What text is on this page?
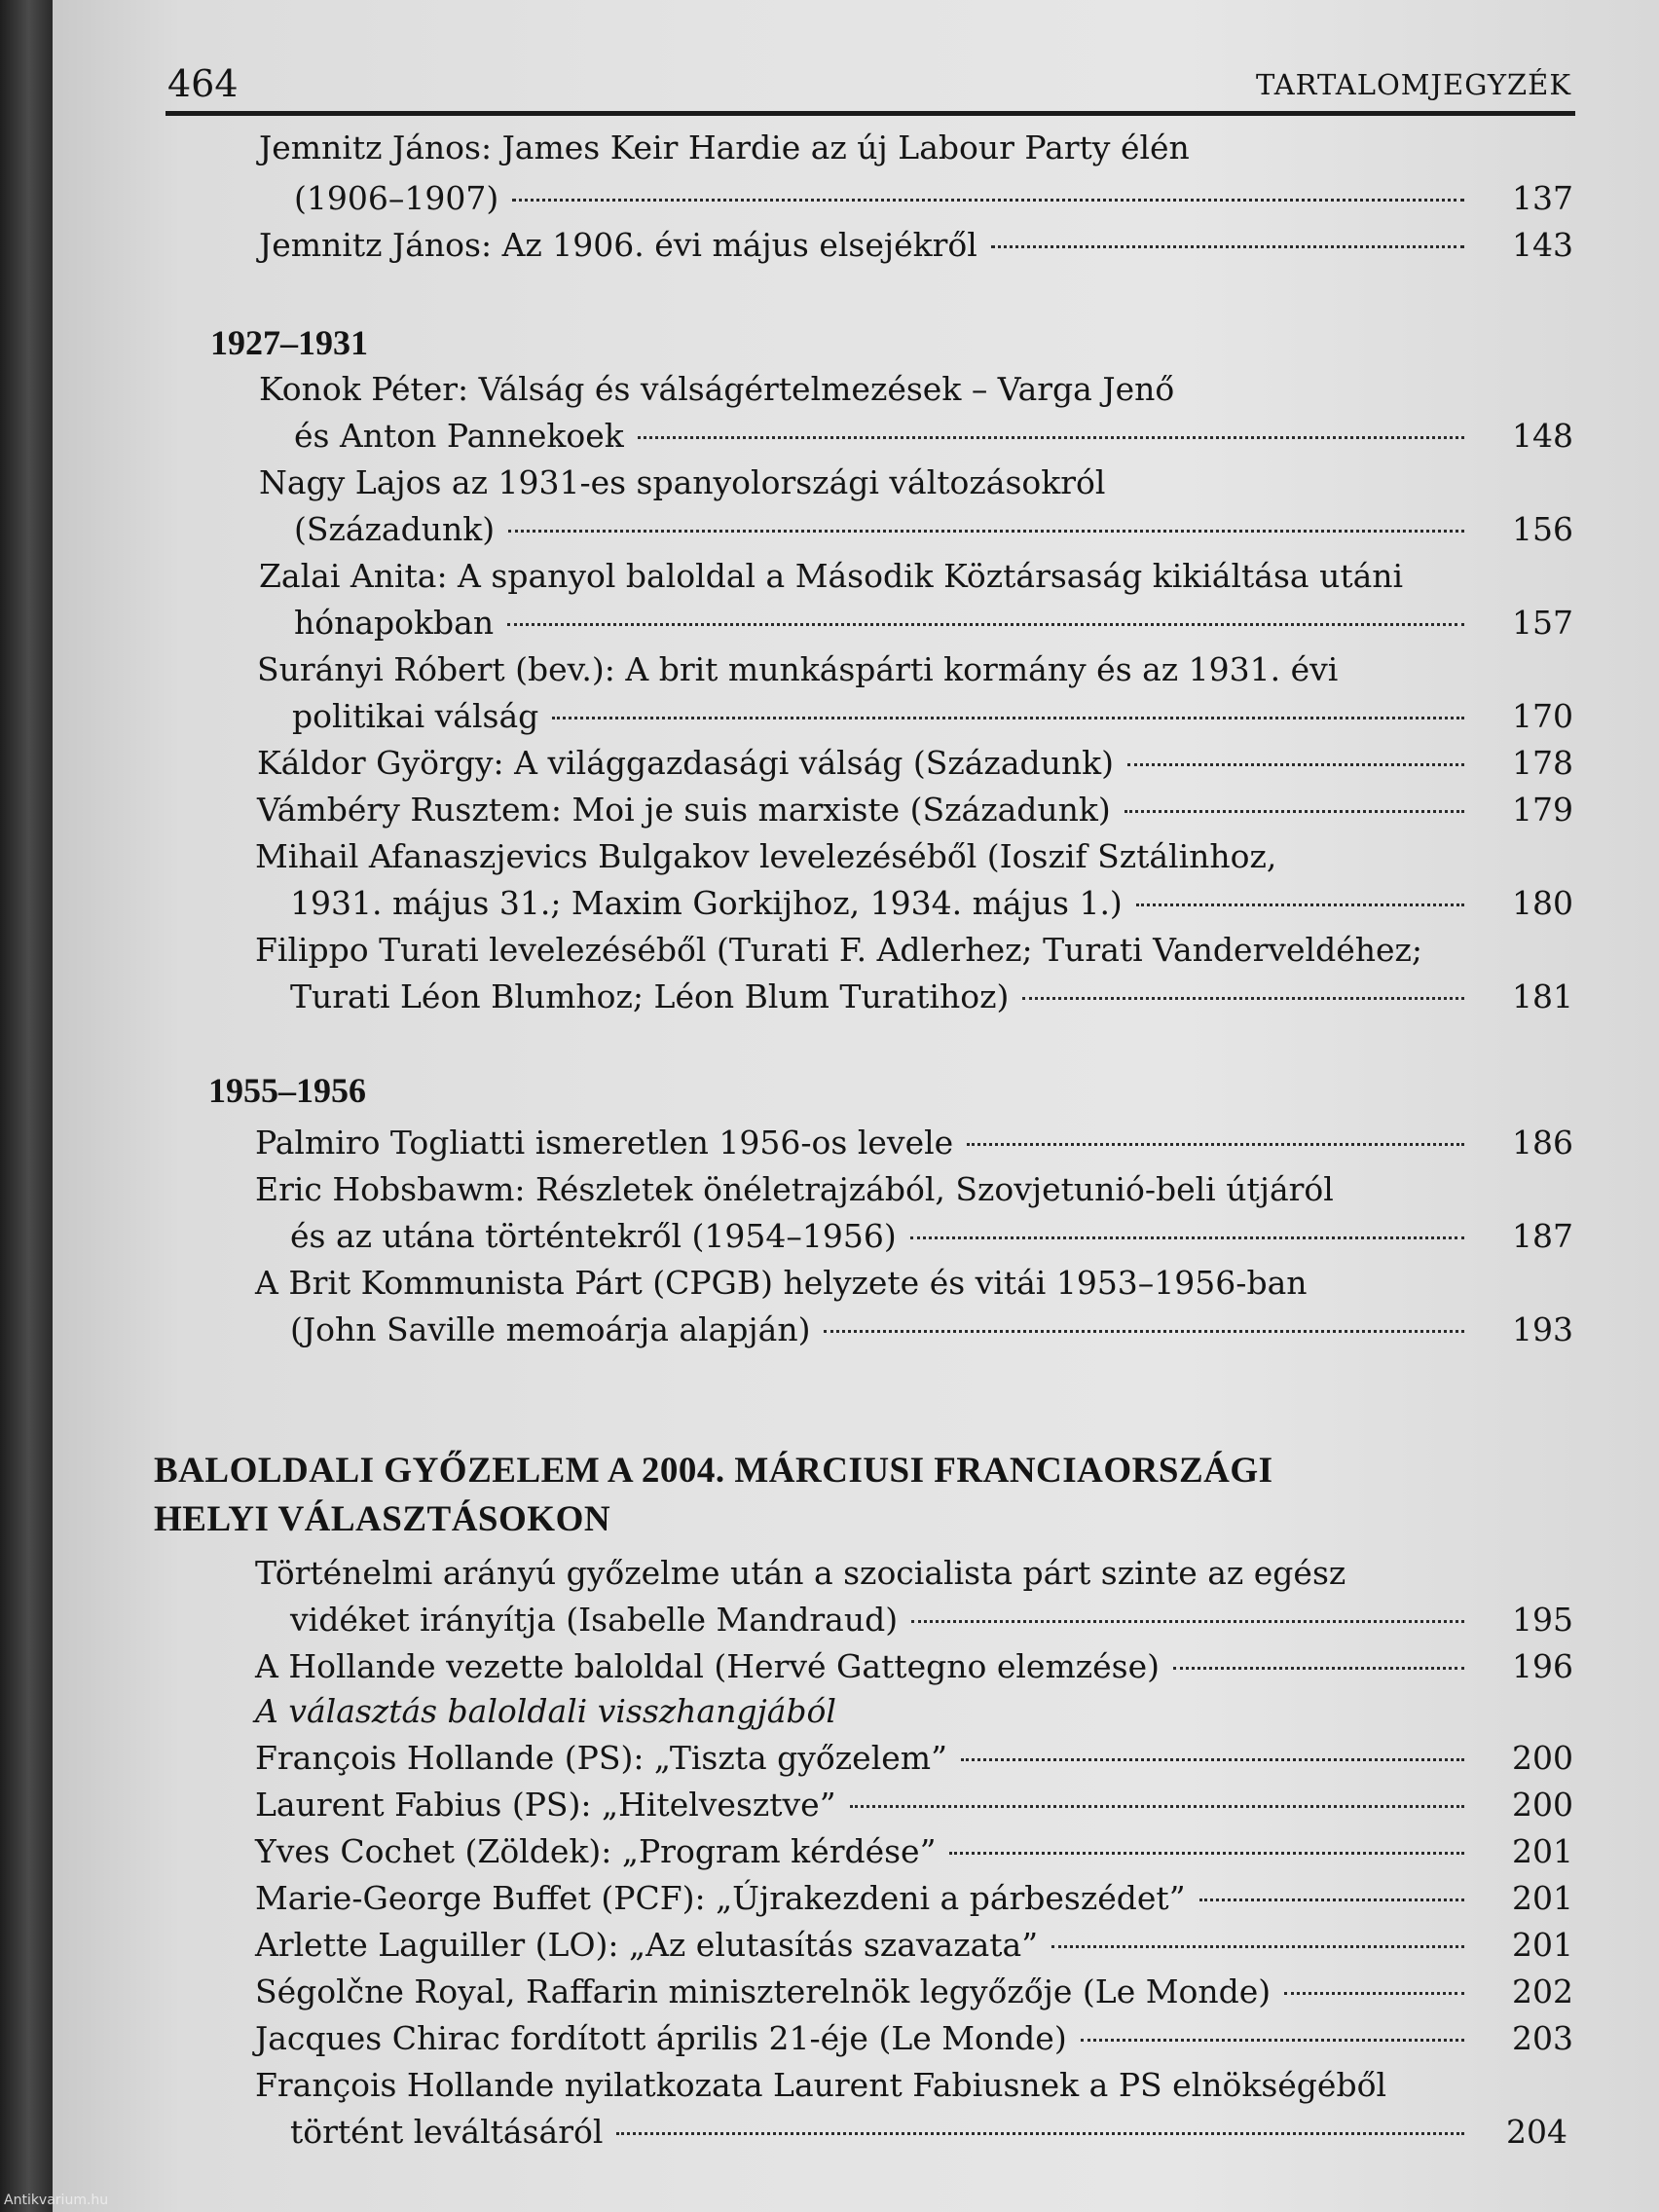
464	TARTALOMJEGYZÉK
Jemnitz János: James Keir Hardie az új Labour Party élén
(1906–1907)	137
Jemnitz János: Az 1906. évi május elsejékről	143
1927–1931
Konok Péter: Válság és válságértelmezések – Varga Jenő
és Anton Pannekoek	148
Nagy Lajos az 1931-es spanyolországi változásokról
(Századunk)	156
Zalai Anita: A spanyol baloldal a Második Köztársaság kikiáltása utáni
hónapokban	157
Surányi Róbert (bev.): A brit munkáspárti kormány és az 1931. évi
politikai válság	170
Káldor György: A világgazdasági válság (Századunk)	178
Vámbéry Rusztem: Moi je suis marxiste (Századunk)	179
Mihail Afanaszjevics Bulgakov levelezéséből (Ioszif Sztálinhoz,
1931. május 31.; Maxim Gorkijhoz, 1934. május 1.)	180
Filippo Turati levelezéséből (Turati F. Adlerhez; Turati Vanderveldéhez;
Turati Léon Blumhoz; Léon Blum Turatihoz)	181
1955–1956
Palmiro Togliatti ismeretlen 1956-os levele	186
Eric Hobsbawm: Részletek önéletrajzából, Szovjetunió-beli útjáról
és az utána történtekről (1954–1956)	187
A Brit Kommunista Párt (CPGB) helyzete és vitái 1953–1956-ban
(John Saville memoárja alapján)	193
BALOLDALI GYŐZELEM A 2004. MÁRCIUSI FRANCIAORSZÁGI
HELYI VÁLASZTÁSOKON
Történelmi arányú győzelme után a szocialista párt szinte az egész
vidéket irányítja (Isabelle Mandraud)	195
A Hollande vezette baloldal (Hervé Gattegno elemzése)	196
A választás baloldali visszhangjából
François Hollande (PS): „Tiszta győzelem”	200
Laurent Fabius (PS): „Hitelvesztve”	200
Yves Cochet (Zöldek): „Program kérdése”	201
Marie-George Buffet (PCF): „Újrakezdeni a párbeszédet”	201
Arlette Laguiller (LO): „Az elutasítás szavazata”	201
Ségolčne Royal, Raffarin miniszterelnök legyőzője (Le Monde)	202
Jacques Chirac fordított április 21-éje (Le Monde)	203
François Hollande nyilatkozata Laurent Fabiusnek a PS elnökségéből
történt leváltásáról	204
Antikvarium.hu
